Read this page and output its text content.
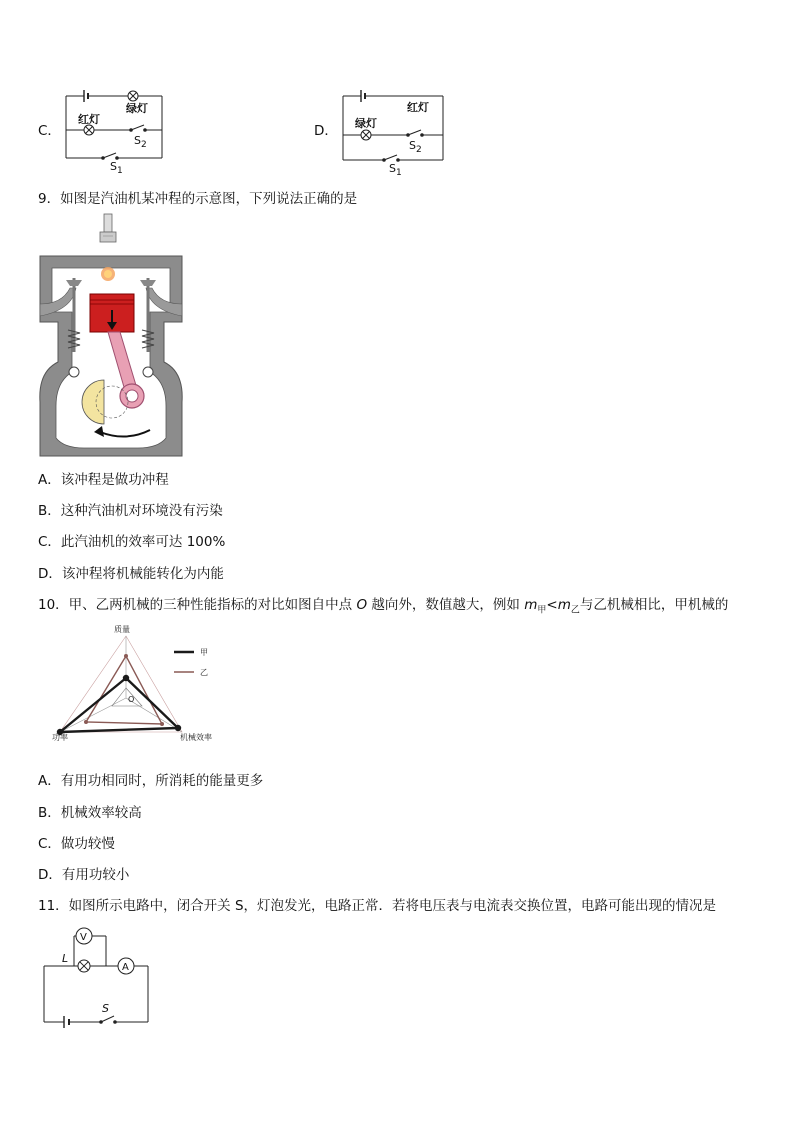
C．
绿灯
红灯
$S_2$
$S_1$
D．
红灯
绿灯
$S_2$
$S_1$
9．如图是汽油机某冲程的示意图，下列说法正确的是
A．该冲程是做功冲程
B．这种汽油机对环境没有污染
C．此汽油机的效率可达 100%
D．该冲程将机械能转化为内能
10．甲、乙两机械的三种性能指标的对比如图自中点 O 越向外，数值越大，例如 $m_甲<m_乙$与乙机械相比，甲机械的
质量
功率	机械效率
O
甲
乙
A．有用功相同时，所消耗的能量更多
B．机械效率较高
C．做功较慢
D．有用功较小
11．如图所示电路中，闭合开关 S，灯泡发光，电路正常．若将电压表与电流表交换位置，电路可能出现的情况是
V
A
L
S
